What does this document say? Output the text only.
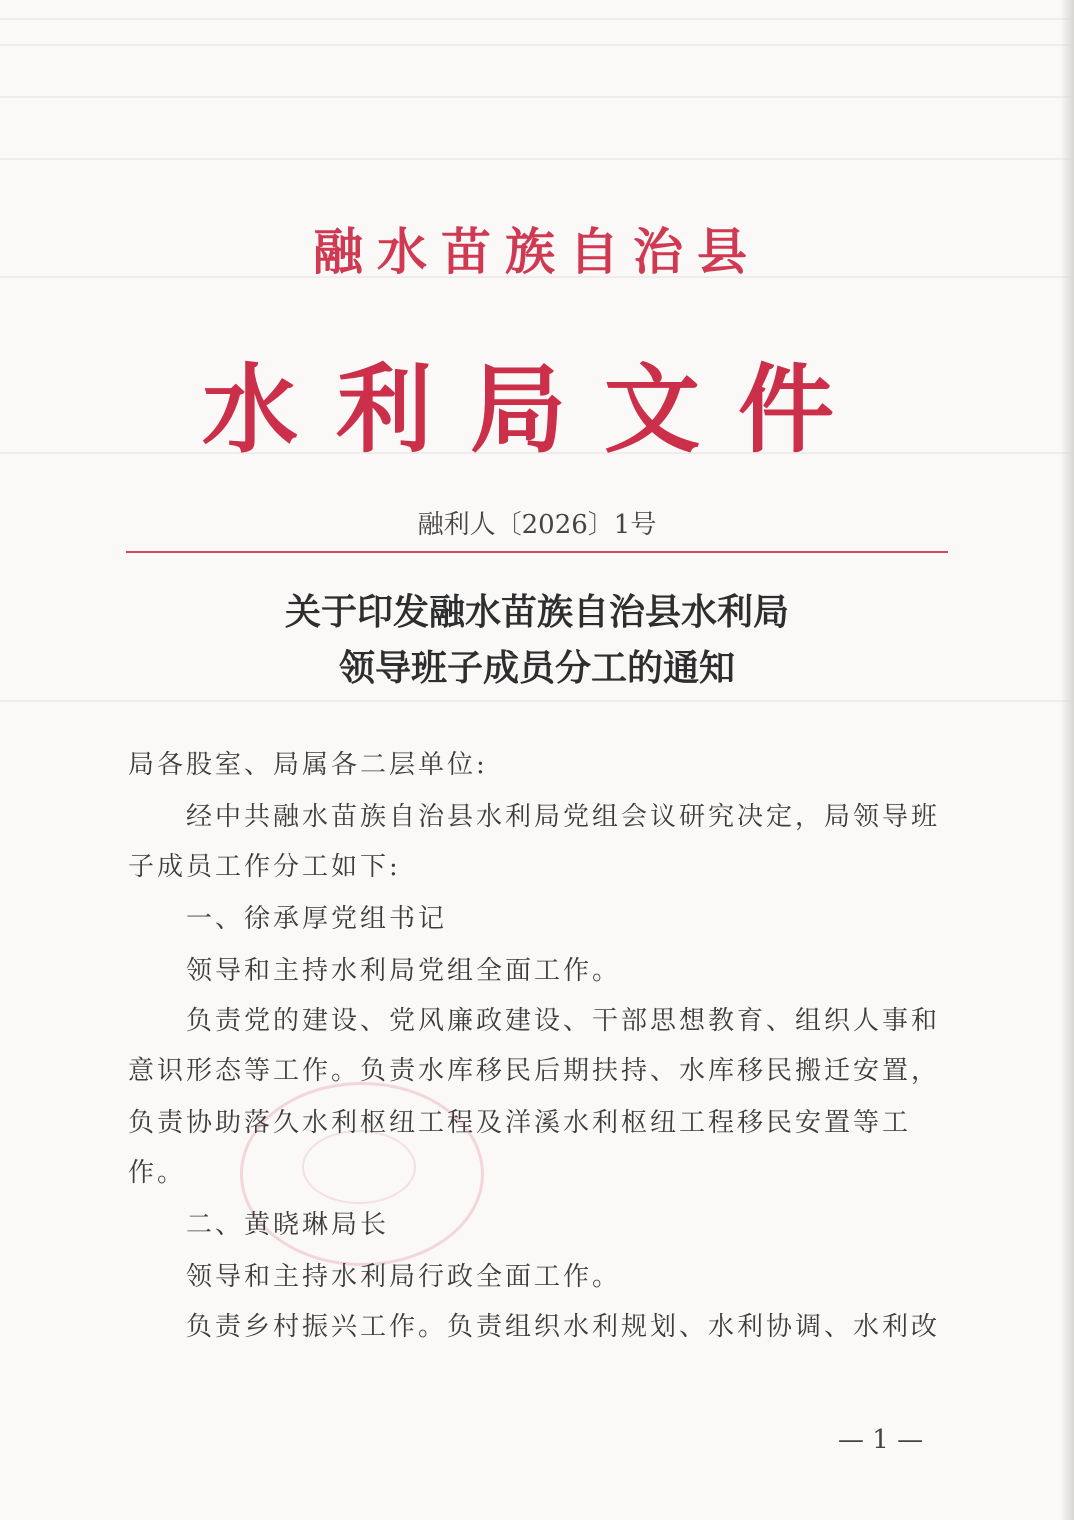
融水苗族自治县
水利局文件
融利人〔2026〕1号
关于印发融水苗族自治县水利局
领导班子成员分工的通知
局各股室、局属各二层单位:
经中共融水苗族自治县水利局党组会议研究决定，局领导班
子成员工作分工如下:
一、徐承厚党组书记
领导和主持水利局党组全面工作。
负责党的建设、党风廉政建设、干部思想教育、组织人事和
意识形态等工作。负责水库移民后期扶持、水库移民搬迁安置，
负责协助落久水利枢纽工程及洋溪水利枢纽工程移民安置等工
作。
二、黄晓琳局长
领导和主持水利局行政全面工作。
负责乡村振兴工作。负责组织水利规划、水利协调、水利改
— 1 —
